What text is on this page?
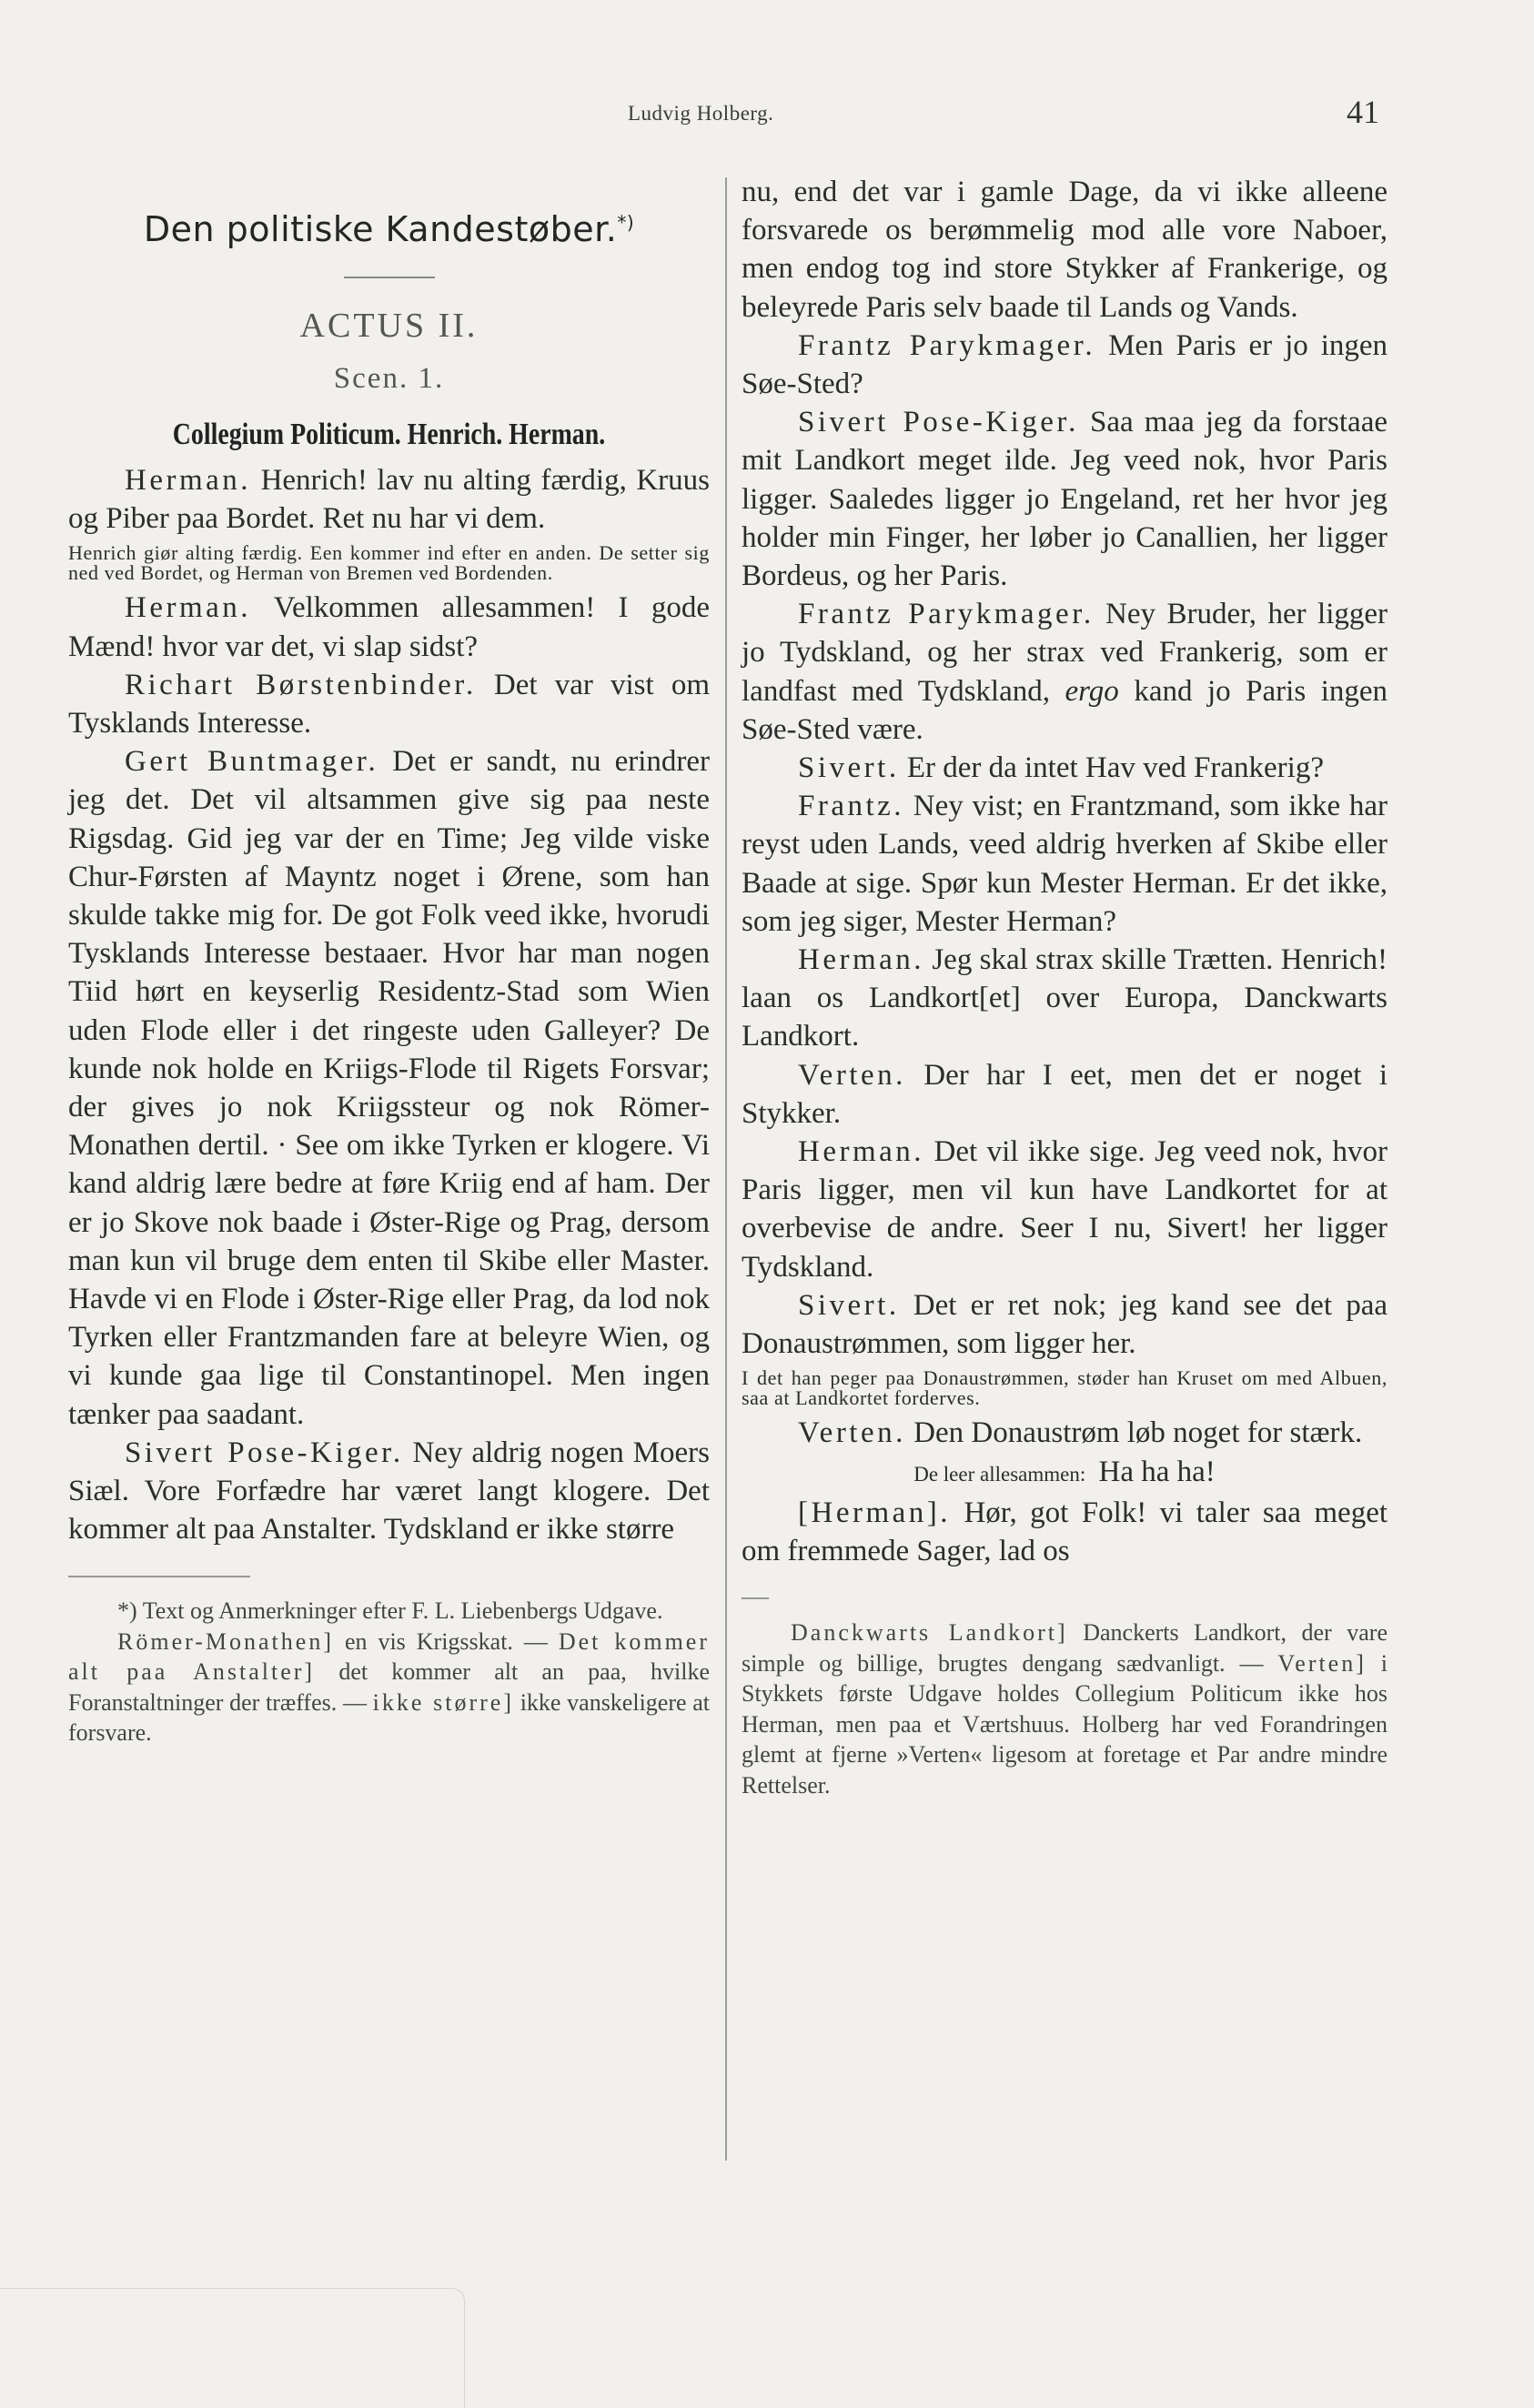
Ludvig Holberg.	41
Den politiske Kandestøber.*)
ACTUS II.
Scen. 1.
Collegium Politicum. Henrich. Herman.

Herman. Henrich! lav nu alting færdig, Kruus og Piber paa Bordet. Ret nu har vi dem.

Henrich giør alting færdig. Een kommer ind efter en anden. De setter sig ned ved Bordet, og Herman von Bremen ved Bordenden.

Herman. Velkommen allesammen! I gode Mænd! hvor var det, vi slap sidst?

Richart Børstenbinder. Det var vist om Tysklands Interesse.

Gert Buntmager. Det er sandt, nu erindrer jeg det. Det vil altsammen give sig paa neste Rigsdag. Gid jeg var der en Time; Jeg vilde viske Chur-Førsten af Mayntz noget i Ørene, som han skulde takke mig for. De got Folk veed ikke, hvorudi Tysklands Interesse bestaaer. Hvor har man nogen Tiid hørt en keyserlig Residentz-Stad som Wien uden Flode eller i det ringeste uden Galleyer? De kunde nok holde en Kriigs-Flode til Rigets Forsvar; der gives jo nok Kriigssteur og nok Römer-Monathen dertil. · See om ikke Tyrken er klogere. Vi kand aldrig lære bedre at føre Kriig end af ham. Der er jo Skove nok baade i Øster-Rige og Prag, dersom man kun vil bruge dem enten til Skibe eller Master. Havde vi en Flode i Øster-Rige eller Prag, da lod nok Tyrken eller Frantzmanden fare at beleyre Wien, og vi kunde gaa lige til Constantinopel. Men ingen tænker paa saadant.

Sivert Pose-Kiger. Ney aldrig nogen Moers Siæl. Vore Forfædre har været langt klogere. Det kommer alt paa Anstalter. Tydskland er ikke større

*) Text og Anmerkninger efter F. L. Liebenbergs Udgave.

Römer-Monathen] en vis Krigsskat. — Det kommer alt paa Anstalter] det kommer alt an paa, hvilke Foranstaltninger der træffes. — ikke større] ikke vanskeligere at forsvare.

nu, end det var i gamle Dage, da vi ikke alleene forsvarede os berømmelig mod alle vore Naboer, men endog tog ind store Stykker af Frankerige, og beleyrede Paris selv baade til Lands og Vands.

Frantz Parykmager. Men Paris er jo ingen Søe-Sted?

Sivert Pose-Kiger. Saa maa jeg da forstaae mit Landkort meget ilde. Jeg veed nok, hvor Paris ligger. Saaledes ligger jo Engeland, ret her hvor jeg holder min Finger, her løber jo Canallien, her ligger Bordeus, og her Paris.

Frantz Parykmager. Ney Bruder, her ligger jo Tydskland, og her strax ved Frankerig, som er landfast med Tydskland, ergo kand jo Paris ingen Søe-Sted være.

Sivert. Er der da intet Hav ved Frankerig?

Frantz. Ney vist; en Frantzmand, som ikke har reyst uden Lands, veed aldrig hverken af Skibe eller Baade at sige. Spør kun Mester Herman. Er det ikke, som jeg siger, Mester Herman?

Herman. Jeg skal strax skille Trætten. Henrich! laan os Landkort[et] over Europa, Danckwarts Landkort.

Verten. Der har I eet, men det er noget i Stykker.

Herman. Det vil ikke sige. Jeg veed nok, hvor Paris ligger, men vil kun have Landkortet for at overbevise de andre. Seer I nu, Sivert! her ligger Tydskland.

Sivert. Det er ret nok; jeg kand see det paa Donaustrømmen, som ligger her.

I det han peger paa Donaustrømmen, støder han Kruset om med Albuen, saa at Landkortet forderves.

Verten. Den Donaustrøm løb noget for stærk.

De leer allesammen: Ha ha ha!

[Herman]. Hør, got Folk! vi taler saa meget om fremmede Sager, lad os

Danckwarts Landkort] Danckerts Landkort, der vare simple og billige, brugtes dengang sædvanligt. — Verten] i Stykkets første Udgave holdes Collegium Politicum ikke hos Herman, men paa et Værtshuus. Holberg har ved Forandringen glemt at fjerne »Verten« ligesom at foretage et Par andre mindre Rettelser.
